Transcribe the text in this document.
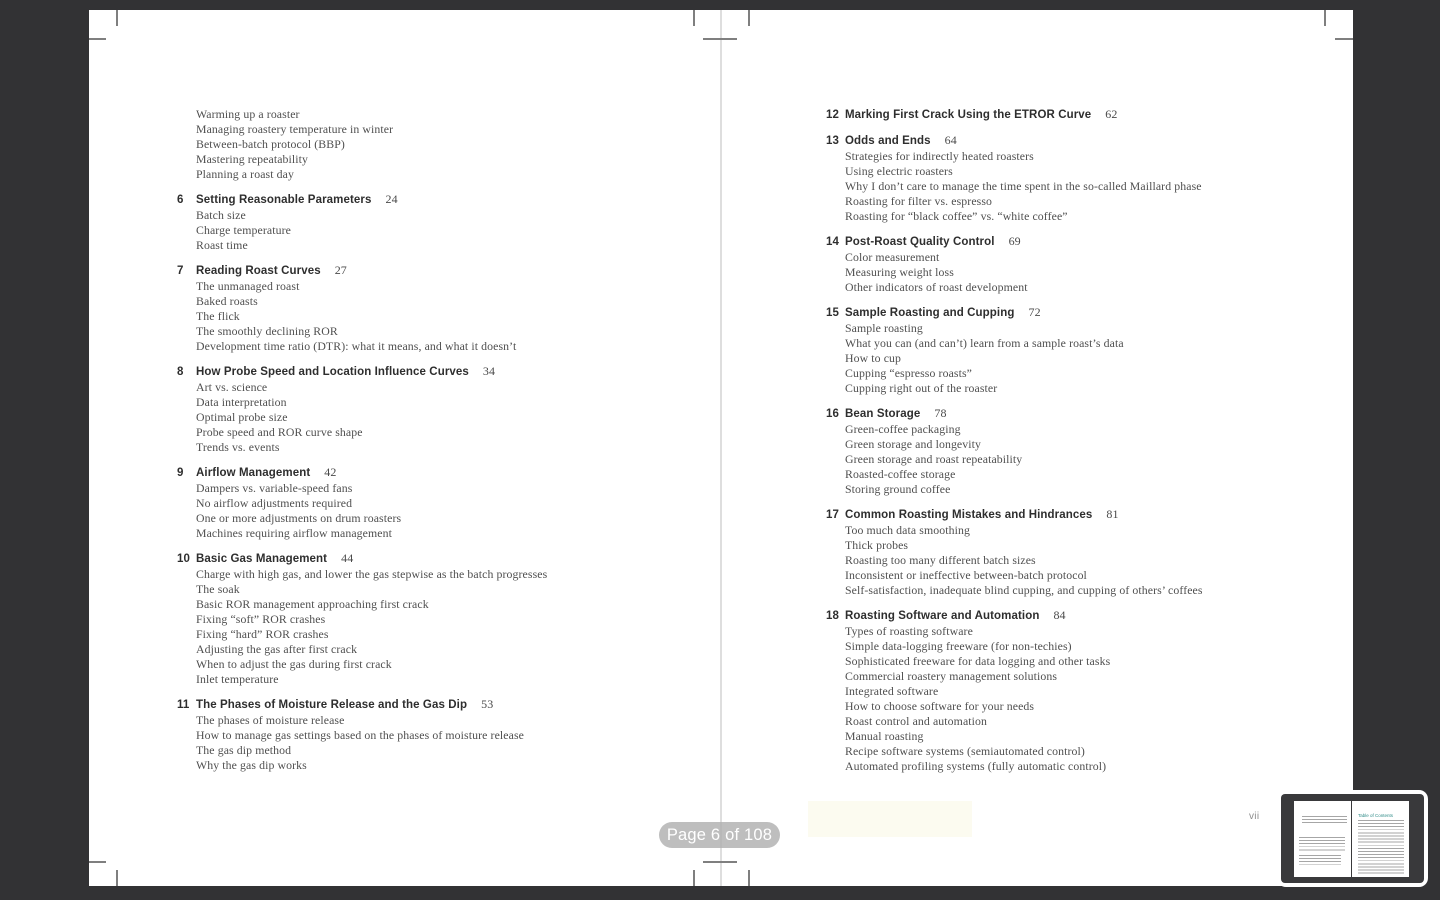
Warming up a roaster
Managing roastery temperature in winter
Between-batch protocol (BBP)
Mastering repeatability
Planning a roast day
6	Setting Reasonable Parameters 24
Batch size
Charge temperature
Roast time
7	Reading Roast Curves 27
The unmanaged roast
Baked roasts
The flick
The smoothly declining ROR
Development time ratio (DTR): what it means, and what it doesn’t
8	How Probe Speed and Location Influence Curves 34
Art vs. science
Data interpretation
Optimal probe size
Probe speed and ROR curve shape
Trends vs. events
9	Airflow Management 42
Dampers vs. variable-speed fans
No airflow adjustments required
One or more adjustments on drum roasters
Machines requiring airflow management
10 Basic Gas Management 44
Charge with high gas, and lower the gas stepwise as the batch progresses
The soak
Basic ROR management approaching first crack
Fixing “soft” ROR crashes
Fixing “hard” ROR crashes
Adjusting the gas after first crack
When to adjust the gas during first crack
Inlet temperature
11 The Phases of Moisture Release and the Gas Dip 53
The phases of moisture release
How to manage gas settings based on the phases of moisture release
The gas dip method
Why the gas dip works
12 Marking First Crack Using the ETROR Curve 62
13 Odds and Ends 64
Strategies for indirectly heated roasters
Using electric roasters
Why I don’t care to manage the time spent in the so-called Maillard phase
Roasting for filter vs. espresso
Roasting for “black coffee” vs. “white coffee”
14 Post-Roast Quality Control 69
Color measurement
Measuring weight loss
Other indicators of roast development
15 Sample Roasting and Cupping 72
Sample roasting
What you can (and can’t) learn from a sample roast’s data
How to cup
Cupping “espresso roasts”
Cupping right out of the roaster
16 Bean Storage 78
Green-coffee packaging
Green storage and longevity
Green storage and roast repeatability
Roasted-coffee storage
Storing ground coffee
17 Common Roasting Mistakes and Hindrances 81
Too much data smoothing
Thick probes
Roasting too many different batch sizes
Inconsistent or ineffective between-batch protocol
Self-satisfaction, inadequate blind cupping, and cupping of others’ coffees
18 Roasting Software and Automation 84
Types of roasting software
Simple data-logging freeware (for non-techies)
Sophisticated freeware for data logging and other tasks
Commercial roastery management solutions
Integrated software
How to choose software for your needs
Roast control and automation
Manual roasting
Recipe software systems (semiautomated control)
Automated profiling systems (fully automatic control)
vii
Page 6 of 108
Table of Contents
